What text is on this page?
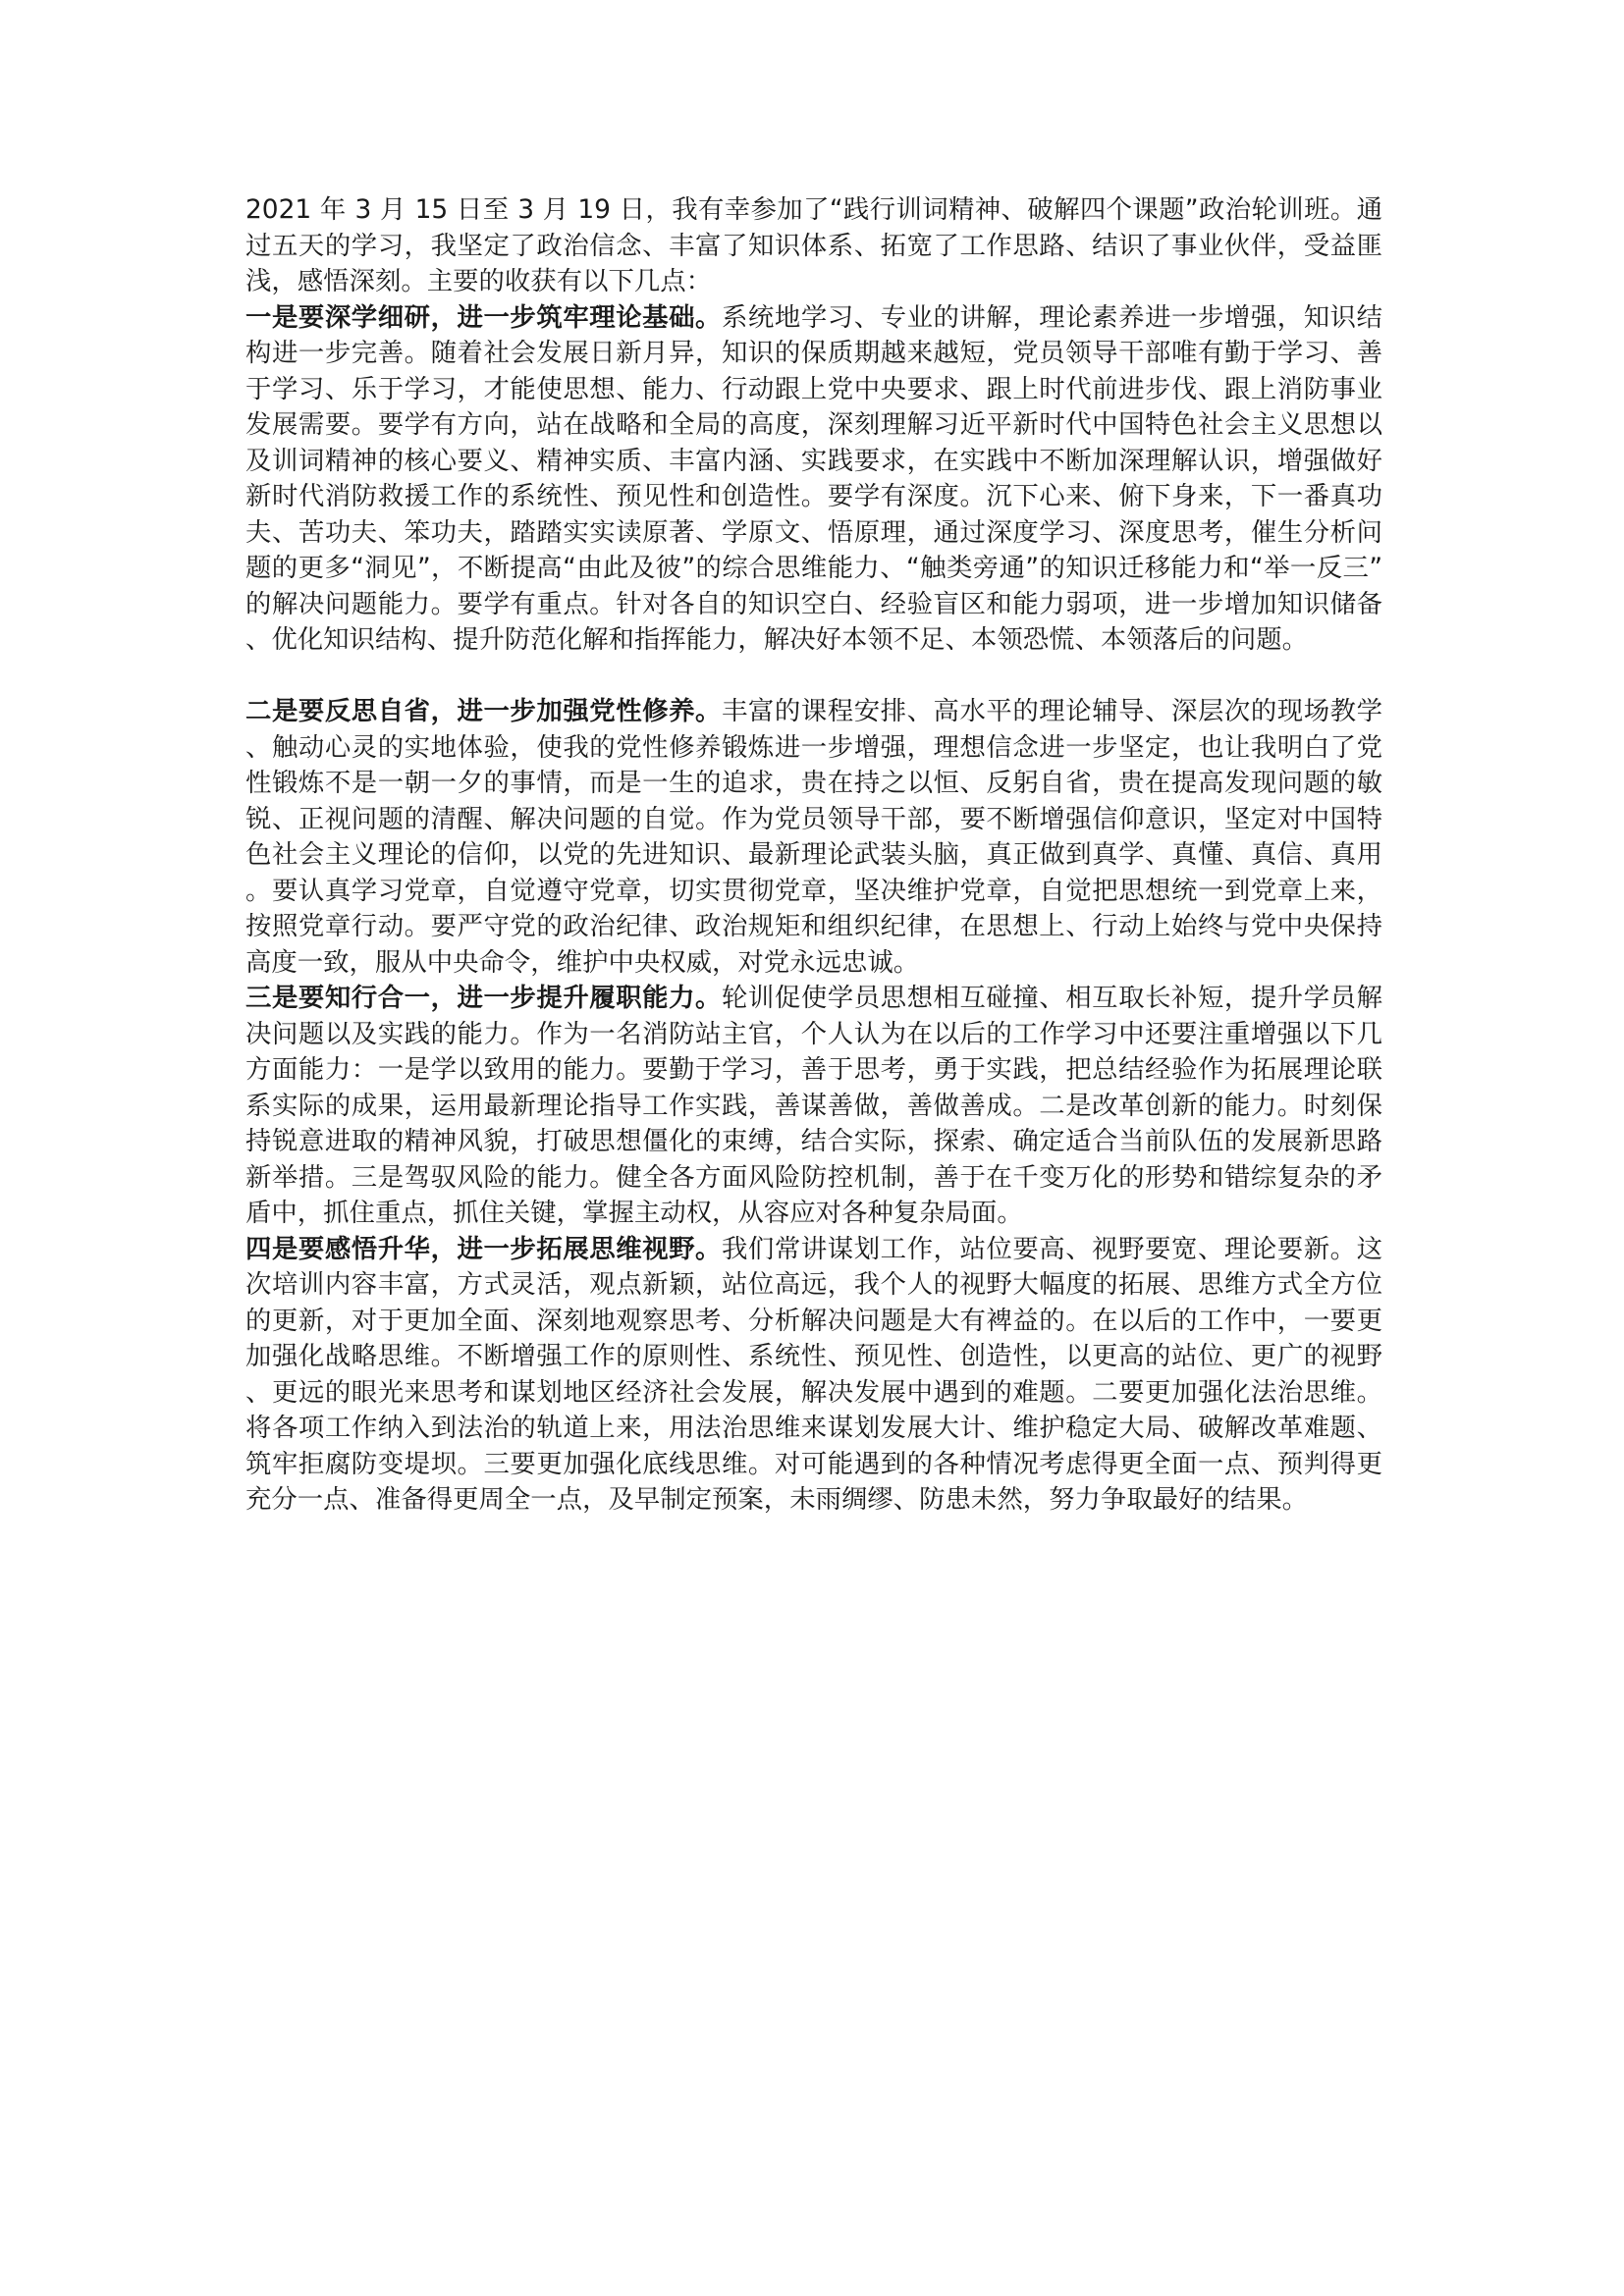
2021 年 3 月 15 日至 3 月 19 日，我有幸参加了“践行训词精神、破解四个课题”政治轮训班。通过五天的学习，我坚定了政治信念、丰富了知识体系、拓宽了工作思路、结识了事业伙伴，受益匪浅，感悟深刻。主要的收获有以下几点：

一是要深学细研，进一步筑牢理论基础。系统地学习、专业的讲解，理论素养进一步增强，知识结构进一步完善。随着社会发展日新月异，知识的保质期越来越短，党员领导干部唯有勤于学习、善于学习、乐于学习，才能使思想、能力、行动跟上党中央要求、跟上时代前进步伐、跟上消防事业发展需要。要学有方向，站在战略和全局的高度，深刻理解习近平新时代中国特色社会主义思想以及训词精神的核心要义、精神实质、丰富内涵、实践要求，在实践中不断加深理解认识，增强做好新时代消防救援工作的系统性、预见性和创造性。要学有深度。沉下心来、俯下身来，下一番真功夫、苦功夫、笨功夫，踏踏实实读原著、学原文、悟原理，通过深度学习、深度思考，催生分析问题的更多“洞见”，不断提高“由此及彼”的综合思维能力、“触类旁通”的知识迁移能力和“举一反三”的解决问题能力。要学有重点。针对各自的知识空白、经验盲区和能力弱项，进一步增加知识储备、优化知识结构、提升防范化解和指挥能力，解决好本领不足、本领恐慌、本领落后的问题。

二是要反思自省，进一步加强党性修养。丰富的课程安排、高水平的理论辅导、深层次的现场教学、触动心灵的实地体验，使我的党性修养锻炼进一步增强，理想信念进一步坚定，也让我明白了党性锻炼不是一朝一夕的事情，而是一生的追求，贵在持之以恒、反躬自省，贵在提高发现问题的敏锐、正视问题的清醒、解决问题的自觉。作为党员领导干部，要不断增强信仰意识，坚定对中国特色社会主义理论的信仰，以党的先进知识、最新理论武装头脑，真正做到真学、真懂、真信、真用。要认真学习党章，自觉遵守党章，切实贯彻党章，坚决维护党章，自觉把思想统一到党章上来，按照党章行动。要严守党的政治纪律、政治规矩和组织纪律，在思想上、行动上始终与党中央保持高度一致，服从中央命令，维护中央权威，对党永远忠诚。

三是要知行合一，进一步提升履职能力。轮训促使学员思想相互碰撞、相互取长补短，提升学员解决问题以及实践的能力。作为一名消防站主官，个人认为在以后的工作学习中还要注重增强以下几方面能力：一是学以致用的能力。要勤于学习，善于思考，勇于实践，把总结经验作为拓展理论联系实际的成果，运用最新理论指导工作实践，善谋善做，善做善成。二是改革创新的能力。时刻保持锐意进取的精神风貌，打破思想僵化的束缚，结合实际，探索、确定适合当前队伍的发展新思路新举措。三是驾驭风险的能力。健全各方面风险防控机制，善于在千变万化的形势和错综复杂的矛盾中，抓住重点，抓住关键，掌握主动权，从容应对各种复杂局面。

四是要感悟升华，进一步拓展思维视野。我们常讲谋划工作，站位要高、视野要宽、理论要新。这次培训内容丰富，方式灵活，观点新颖，站位高远，我个人的视野大幅度的拓展、思维方式全方位的更新，对于更加全面、深刻地观察思考、分析解决问题是大有裨益的。在以后的工作中，一要更加强化战略思维。不断增强工作的原则性、系统性、预见性、创造性，以更高的站位、更广的视野、更远的眼光来思考和谋划地区经济社会发展，解决发展中遇到的难题。二要更加强化法治思维。将各项工作纳入到法治的轨道上来，用法治思维来谋划发展大计、维护稳定大局、破解改革难题、筑牢拒腐防变堤坝。三要更加强化底线思维。对可能遇到的各种情况考虑得更全面一点、预判得更充分一点、准备得更周全一点，及早制定预案，未雨绸缪、防患未然，努力争取最好的结果。
